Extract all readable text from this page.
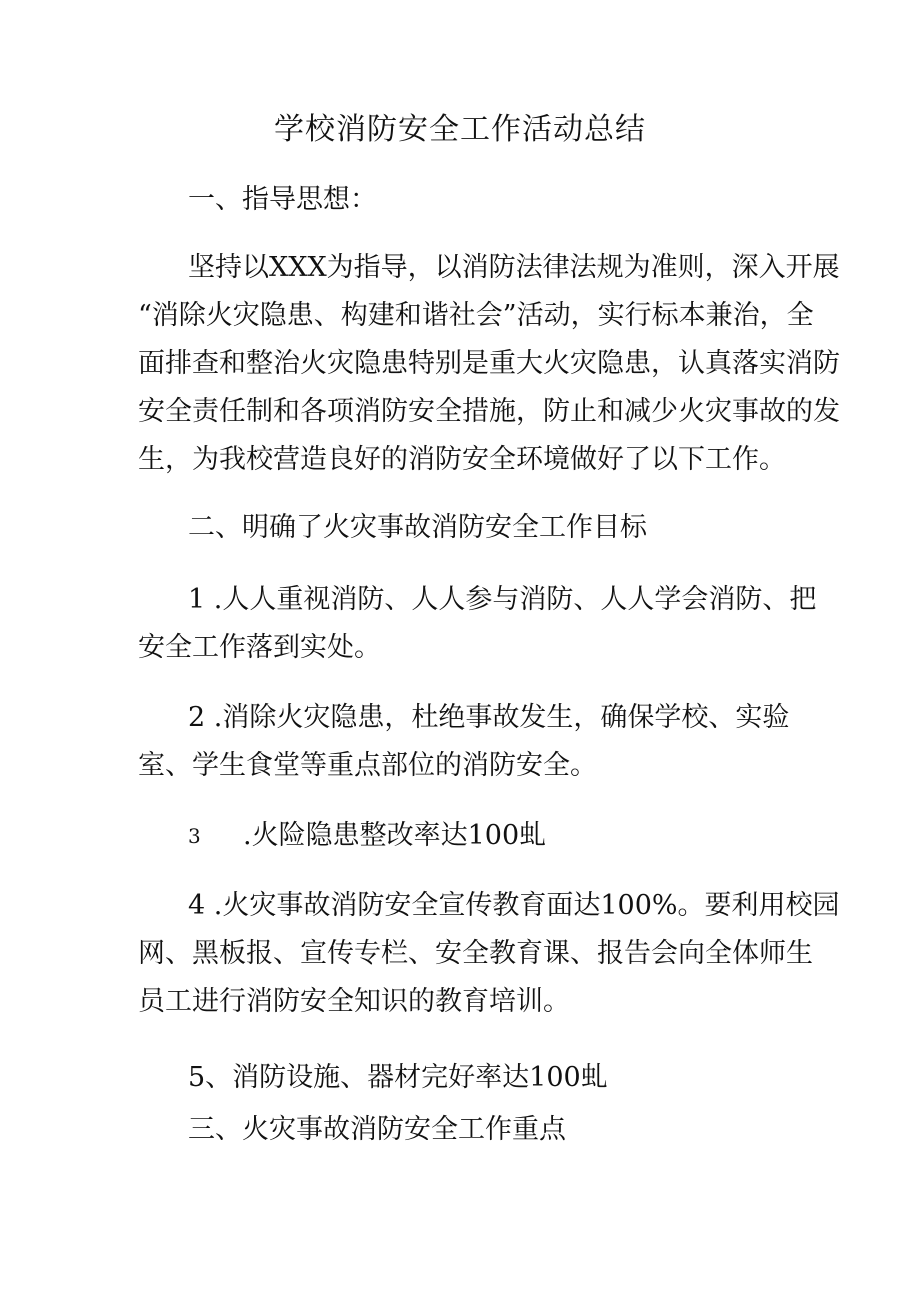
学校消防安全工作活动总结
一、指导思想：
坚持以XXX为指导，以消防法律法规为准则，深入开展
“消除火灾隐患、构建和谐社会”活动，实行标本兼治，全
面排查和整治火灾隐患特别是重大火灾隐患，认真落实消防
安全责任制和各项消防安全措施，防止和减少火灾事故的发
生，为我校营造良好的消防安全环境做好了以下工作。
二、明确了火灾事故消防安全工作目标
1 .人人重视消防、人人参与消防、人人学会消防、把
安全工作落到实处。
2 .消除火灾隐患，杜绝事故发生，确保学校、实验
室、学生食堂等重点部位的消防安全。
3 .火险隐患整改率达100虬
4 .火灾事故消防安全宣传教育面达100%。要利用校园
网、黑板报、宣传专栏、安全教育课、报告会向全体师生
员工进行消防安全知识的教育培训。
5、消防设施、器材完好率达100虬
三、火灾事故消防安全工作重点
